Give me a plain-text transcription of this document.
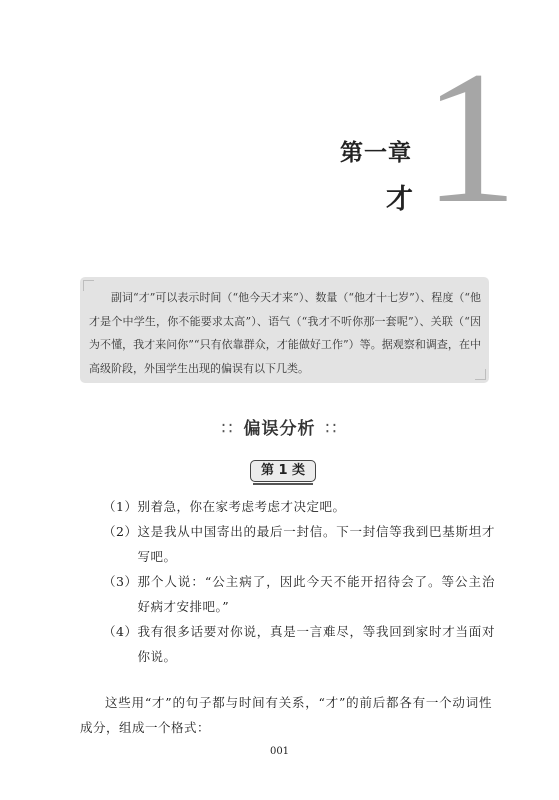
第一章
才 1

副词“才”可以表示时间（“他今天才来”）、数量（“他才十七岁”）、程度（“他才是个中学生，你不能要求太高”）、语气（“我才不听你那一套呢”）、关联（“因为不懂，我才来问你”“只有依靠群众，才能做好工作”）等。据观察和调查，在中高级阶段，外国学生出现的偏误有以下几类。

∷ 偏误分析 ∷
第 1 类
（1） 别着急，你在家考虑考虑才决定吧。
（2） 这是我从中国寄出的最后一封信。下一封信等我到巴基斯坦才写吧。
（3） 那个人说：“公主病了，因此今天不能开招待会了。等公主治好病才安排吧。”
（4） 我有很多话要对你说，真是一言难尽，等我回到家时才当面对你说。

这些用“才”的句子都与时间有关系，“才”的前后都各有一个动词性成分，组成一个格式：

001
